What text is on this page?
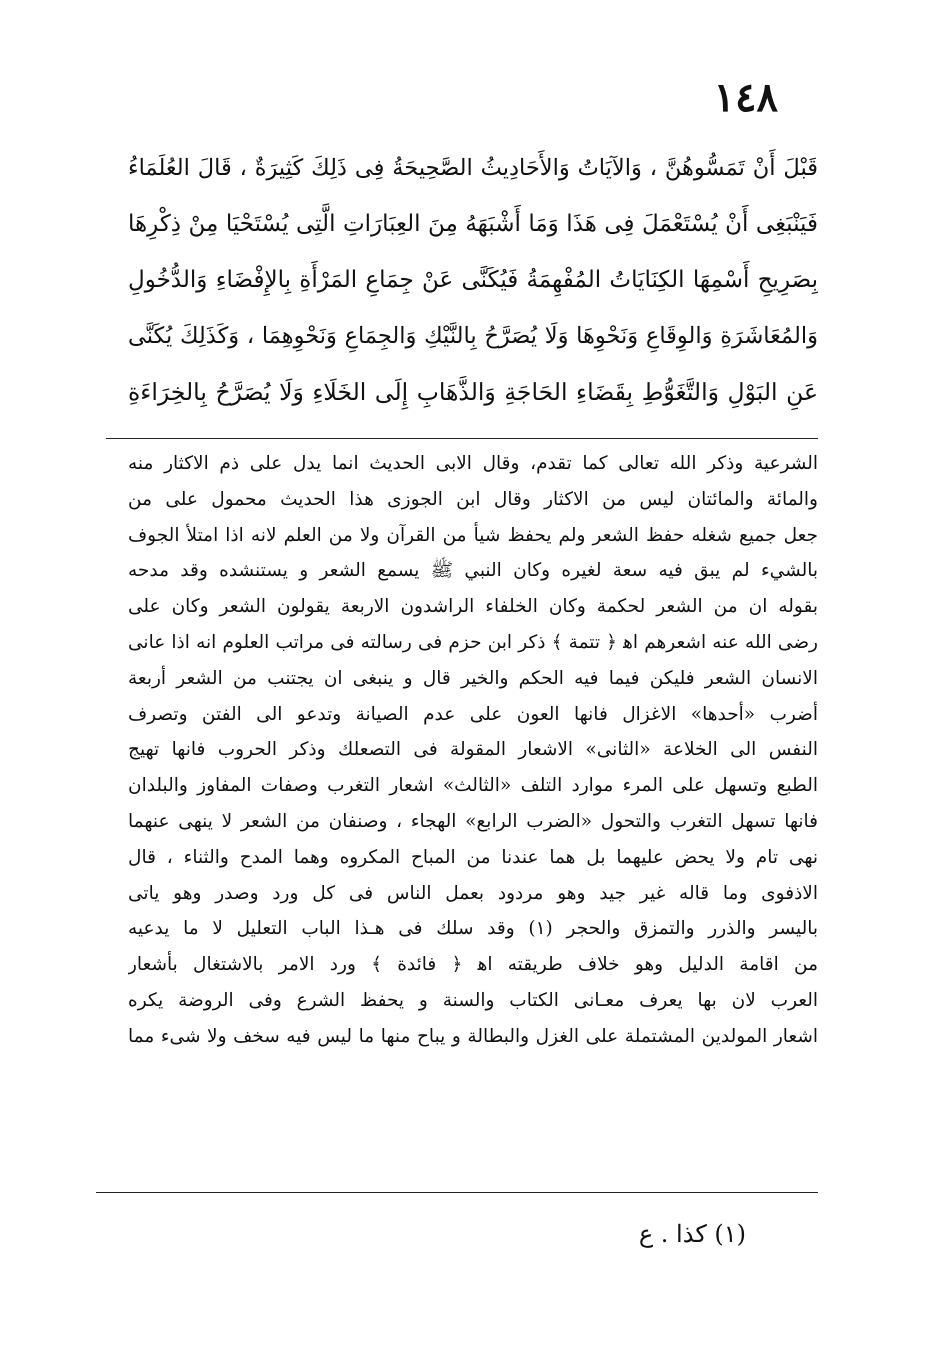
١٤٨
قَبْلَ أَنْ تَمَسُّوهُنَّ ، وَالآيَاتُ وَالأَحَادِيثُ الصَّحِيحَةُ فِى ذَلِكَ كَثِيرَةٌ ، قَالَ العُلَمَاءُ
فَيَنْبَغِى أَنْ يُسْتَعْمَلَ فِى هَذَا وَمَا أَشْبَهَهُ مِنَ العِبَارَاتِ الَّتِى يُسْتَحْيَا مِنْ ذِكْرِهَا
بِصَرِيحِ أَسْمِهَا الكِنَايَاتُ المُفْهِمَةُ فَيُكَنَّى عَنْ جِمَاعِ المَرْأَةِ بِالإِفْضَاءِ وَالدُّخُولِ
وَالمُعَاشَرَةِ وَالوِقَاعِ وَنَحْوِهَا وَلَا يُصَرَّحُ بِالنَّيْكِ وَالجِمَاعِ وَنَحْوِهِمَا ، وَكَذَلِكَ يُكَنَّى
عَنِ البَوْلِ وَالتَّغَوُّطِ بِقَضَاءِ الحَاجَةِ وَالذَّهَابِ إِلَى الخَلَاءِ وَلَا يُصَرَّحُ بِالخِرَاءَةِ
الشرعية وذكر الله تعالى كما تقدم، وقال الابى الحديث انما يدل على ذم الاكثار منه
والمائة والمائتان ليس من الاكثار وقال ابن الجوزى هذا الحديث محمول على من
جعل جميع شغله حفظ الشعر ولم يحفظ شيأ من القرآن ولا من العلم لانه اذا امتلأ الجوف
بالشيء لم يبق فيه سعة لغيره وكان النبي ﷺ يسمع الشعر و يستنشده وقد مدحه
بقوله ان من الشعر لحكمة وكان الخلفاء الراشدون الاربعة يقولون الشعر وكان على
رضى الله عنه اشعرهم اﻫ ﴿ تتمة ﴾ ذكر ابن حزم فى رسالته فى مراتب العلوم انه اذا عانى
الانسان الشعر فليكن فيما فيه الحكم والخير قال و ينبغى ان يجتنب من الشعر أربعة
أضرب «أحدها» الاغزال فانها العون على عدم الصيانة وتدعو الى الفتن وتصرف
النفس الى الخلاعة «الثانى» الاشعار المقولة فى التصعلك وذكر الحروب فانها تهيج
الطبع وتسهل على المرء موارد التلف «الثالث» اشعار التغرب وصفات المفاوز والبلدان
فانها تسهل التغرب والتحول «الضرب الرابع» الهجاء ، وصنفان من الشعر لا ينهى عنهما
نهى تام ولا يحض عليهما بل هما عندنا من المباح المكروه وهما المدح والثناء ، قال
الاذفوى وما قاله غير جيد وهو مردود بعمل الناس فى كل ورد وصدر وهو ياتى
باليسر والذرر والتمزق والحجر (١) وقد سلك فى هـذا الباب التعليل لا ما يدعيه
من اقامة الدليل وهو خلاف طريقته اﻫ ﴿ فائدة ﴾ ورد الامر بالاشتغال بأشعار
العرب لان بها يعرف معـانى الكتاب والسنة و يحفظ الشرع وفى الروضة يكره
اشعار المولدين المشتملة على الغزل والبطالة و يباح منها ما ليس فيه سخف ولا شىء مما
(١) كذا . ع
